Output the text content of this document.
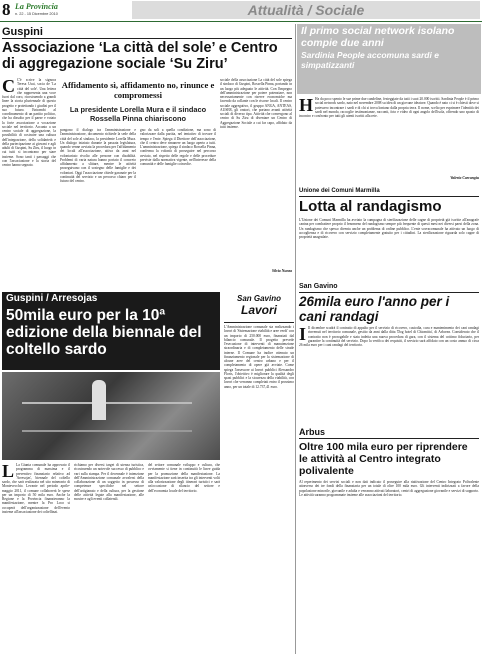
8 La Provincia
n. 22 - 15 Dicembre 2010	Attualità / Sociale
Guspini
Associazione ‘La città del sole’ e Centro di aggregazione sociale ‘Su Ziru’
C C'è scrive la signora Teresa Usai, socia de 'La città del sole'. Una lettera che rappresenta una voce fuori dal coro, ricostruendo a grandi linee la storia pluriennale di questo progetto e proiettando i giudizi per il suo futuro. Entrambi al coordinamento di un partito politico, che ha dissolto per il paese e votato la forte associazione a vocazione sociale nel territorio. Accanto a un centro sociale di aggregazione, la possibilità di costruire una cultura dell'integrazione, della solidarietà e della partecipazione ai giovani e agli adulti di Guspini, Su Ziru, il luogo in cui tutti si incontrano per stare insieme. Sono tanti i passaggi che con l'associazione e la storia del centro hanno segnato.
Affidamento sì, affidamento no, rinunce e compromessi
La presidente Lorella Mura e il sindaco Rossella Pinna chiariscono
pongono il dialogo tra l'amministrazione e l'amministrazione, documento richiede la sede della città del sole al sindaco, la presidente Lorella Mura. Un dialogo iniziato durante la passata legislatura, quando venne avviata la procedura per l'affidamento dei locali all'associazione, attiva da anni nel volontariato rivolto alle persone con disabilità. Problemi di varia natura hanno portato il concreto affidamento a slittare, mentre le attività proseguivano con il sostegno delle famiglie e dei volontari. Oggi l'associazione chiede garanzie per la continuità del servizio e un percorso chiaro per il futuro del centro.
gno da soli a quella condizione, ma sono di valorizzare dalla partita, nel tentativo di trovare il tempo e l'ente. Spiega il Direttore dell'associazione, che il centro deve rimanere un luogo aperto a tutti. L'amministrazione, spiega il sindaco Rossella Pinna, conferma la volontà di proseguire nel percorso avviato, nel rispetto delle regole e delle procedure previste dalla normativa vigente, nell'interesse della comunità e delle famiglie coinvolte.
sociale della associazione La città del sole spiega il sindaco di Guspini, Rossella Pinna, portando in un luogo più adeguato le attività. Con l'impegno dell'amministrazione per potere potenziare, non necessariamente con riserve economiche ma facendo da collante con le risorse locali. Il centro sociale aggregativo, il gruppo ANGA, ANTEAS, AUSER, gli oratori, che portano avanti attività sociali di diverso tipo. Attività che convergono al centro di Su Ziru di diventare un Centro di Aggregazione Sociale a cui far capo, affidato da tutti insieme.
Silvia Nunza
Il primo social network isolano compie due anni
Sardinia People accomuna sardi e simpatizzanti
H Ha da poco spento le sue prime due candeline, festeggiate da tutti i suoi 20.000 iscritti. Sardinia People è il primo social network sardo, nato nel novembre 2008 su idea di un giovane ideatore. Quando è nato ci si è chiesti dove si potessero incontrare i sardi e di chi si trova lontano dalla propria terra. Il nome, scelto per esprimere l'identità dei sardi nel mondo, raccoglie testimonianze, racconti, foto e video di ogni angolo dell'isola, offrendo uno spazio di incontro e confronto per tutti gli utenti iscritti alla rete.
Valeria Carcangiu
Unione dei Comuni Marmilla
Lotta al randagismo
L'Unione dei Comuni Marmilla ha avviato la campagna di sterilizzazione delle cagne di proprietà già iscritte all'anagrafe canina per combattere proprio il fenomeno del randagismo sempre più frequente di questi mesi nei diversi paesi della zona. Un randagismo che spesso diventa anche un problema di ordine pubblico. L'ente sovracomunale ha attivato un luogo di accoglienza e di ricovero con servizio completamente gratuito per i cittadini. La sterilizzazione riguarda solo cagne di proprietà anagrafate.
San Gavino
26mila euro l'anno per i cani randagi
I Il dicembre scadrà il contratto di appalto per il servizio di ricovero, custodia, cura e mantenimento dei cani randagi rinvenuti nel territorio comunale, gestito da anni dalla ditta 'Dog hotel di Chiomitta', di Arborea. Considerato che il contratto non è prorogabile e stata indetta una nuova procedura di gara, con il sistema del cottimo fiduciario, per garantire la continuità del servizio. Dopo la verifica dei requisiti, il servizio sarà affidato con un costo annuo di circa 26 mila euro per i cani randagi del territorio.
Arbus
Oltre 100 mila euro per riprendere le attività al Centro integrato polivalente
Al reperimento dei servizi sociali e non dati indicato il proseguire alla riattivazione del Centro Integrato Polivalente attraverso dei tre fondi della finanziaria per un totale di oltre 100 mila euro. Gli interventi indirizzati a favore della popolazione minorile, giovanile e adulta e verranno attivati laboratori, centri di aggregazione giovanile e servizi di supporto. Le attività saranno programmate insieme alle associazioni del territorio.
Guspini / Arresojas
50mila euro per la 10ª edizione della biennale del coltello sardo
L La Giunta comunale ha approvato il programma di massima e il preventivo finanziario relativo ad 'Arresojas', biennale del coltello sardo, che sarà realizzata nel sito minerario di Montevecchio. Levante nel periodo aprile-maggio 2011, il comune collaborerà le spese per un importo di 50 mila euro. Anche la Regione e la Provincia finanzieranno la manifestazione, mentre la Pro Loco si occuperà dell'organizzazione dell'evento insieme all'associazione dei coltellinai.
richiamo per diversi target di utenza turistica, ricostruendo un notevole successo di pubblico e vari sulla stampa. Per il decennale è intenzione dell'Amministrazione comunale avvalersi della collaborazione di un soggetto in possesso di competenze specifiche nel settore dell'artigianato e della cultura, per la gestione delle attività legate alla manifestazione, alle mostre e agli eventi collaterali.
del settore comunale sviluppo e cultura, che ovviamente si tiene in continuità le linee guida per la promozione della manifestazione. La manifestazione sarà inserita tra gli interventi volti alla valorizzazione degli itinerari turistici e sarà un'occasione di rilancio del settore e dell'economia locale del territorio.
San Gavino
Lavori
L'Amministrazione comunale sta realizzando i lavori di 'Sistemazione viabilità e aree verdi' con un importo di 250.000 euro, finanziati dal bilancio comunale. Il progetto prevede l'esecuzione di interventi di manutenzione straordinaria e di completamento delle strade interne. Il Comune ha inoltre ottenuto un finanziamento regionale per la sistemazione di alcune aree del centro urbano e per il completamento di opere già avviate. Come spiega l'assessore ai lavori pubblici Alessandro Floris, l'obiettivo è migliorare la qualità degli spazi pubblici e la sicurezza della viabilità, con lavori che verranno completati entro il prossimo anno, per un totale di 12.737,41 euro.
